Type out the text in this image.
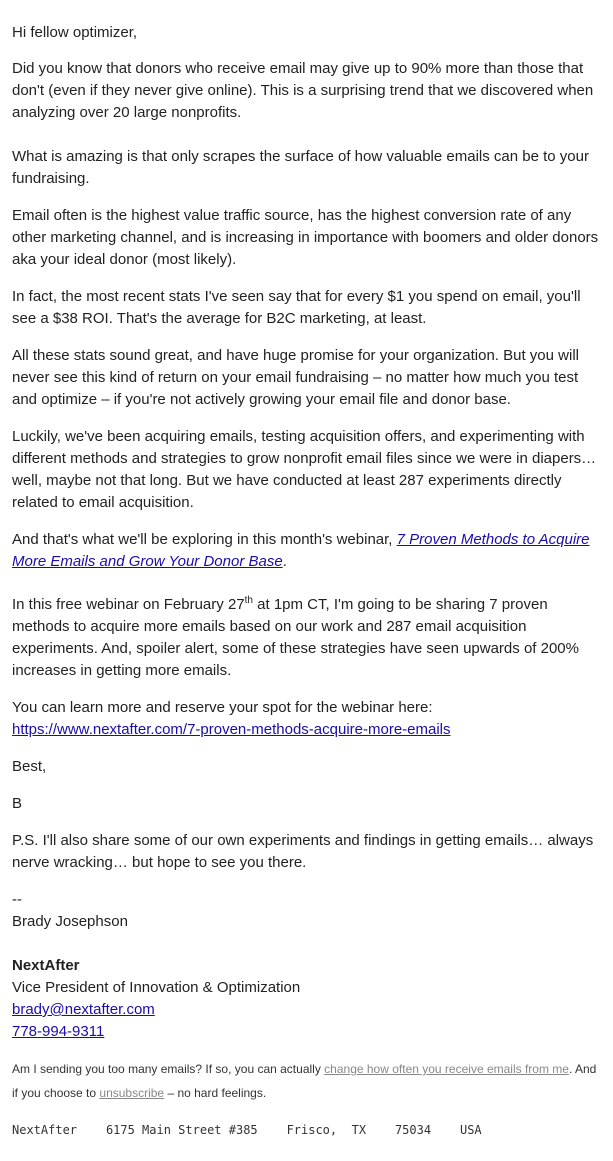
Hi fellow optimizer,

Did you know that donors who receive email may give up to 90% more than those that don't (even if they never give online). This is a surprising trend that we discovered when analyzing over 20 large nonprofits.

What is amazing is that only scrapes the surface of how valuable emails can be to your fundraising.

Email often is the highest value traffic source, has the highest conversion rate of any other marketing channel, and is increasing in importance with boomers and older donors aka your ideal donor (most likely).

In fact, the most recent stats I've seen say that for every $1 you spend on email, you'll see a $38 ROI. That's the average for B2C marketing, at least.

All these stats sound great, and have huge promise for your organization. But you will never see this kind of return on your email fundraising – no matter how much you test and optimize – if you're not actively growing your email file and donor base.

Luckily, we've been acquiring emails, testing acquisition offers, and experimenting with different methods and strategies to grow nonprofit email files since we were in diapers…well, maybe not that long. But we have conducted at least 287 experiments directly related to email acquisition.

And that's what we'll be exploring in this month's webinar, 7 Proven Methods to Acquire More Emails and Grow Your Donor Base.

In this free webinar on February 27th at 1pm CT, I'm going to be sharing 7 proven methods to acquire more emails based on our work and 287 email acquisition experiments. And, spoiler alert, some of these strategies have seen upwards of 200% increases in getting more emails.

You can learn more and reserve your spot for the webinar here:
https://www.nextafter.com/7-proven-methods-acquire-more-emails

Best,

B

P.S. I'll also share some of our own experiments and findings in getting emails… always nerve wracking… but hope to see you there.

--

Brady Josephson

NextAfter

Vice President of Innovation & Optimization

brady@nextafter.com

778-994-9311

Am I sending you too many emails? If so, you can actually change how often you receive emails from me. And if you choose to unsubscribe – no hard feelings.

NextAfter 6175 Main Street #385 Frisco, TX 75034 USA
